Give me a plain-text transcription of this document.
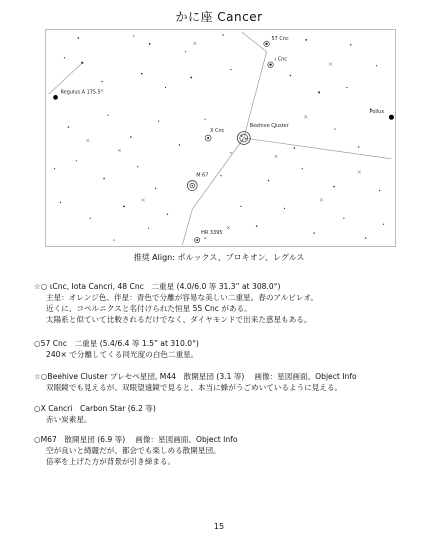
かに座 Cancer
57 Cnc
ι Cnc
Regulus A 175.5°
Pollux
X Cnc
Beehive Cluster
M 67
HR 3395
推奨 Align: ポルックス、プロキオン、レグルス
☆○ ιCnc, Iota Cancri, 48 Cnc　二重星 (4.0/6.0 等 31.3” at 308.0°)
主星：オレンジ色、伴星：青色で分離が容易な美しい二重星。春のアルビレオ。
近くに、コペルニクスと名付けられた恒星 55 Cnc がある。
太陽系と似ていて比較されるだけでなく、ダイヤモンドで出来た惑星もある。
○57 Cnc　二重星 (5.4/6.4 等 1.5” at 310.0°)
240× で分離してくる同光度の白色二重星。
☆○Beehive Cluster プレセペ星団, M44　散開星団 (3.1 等)　 画像：星図画面、Object Info
双眼鏡でも見えるが、双眼望遠鏡で見ると、本当に蜂がうごめいているように見える。
○X Cancri　Carbon Star (6.2 等)
赤い炭素星。
○M67　散開星団 (6.9 等)　 画像：星図画面、Object Info
空が良いと綺麗だが、都会でも楽しめる散開星団。
倍率を上げた方が背景が引き締まる。
15
